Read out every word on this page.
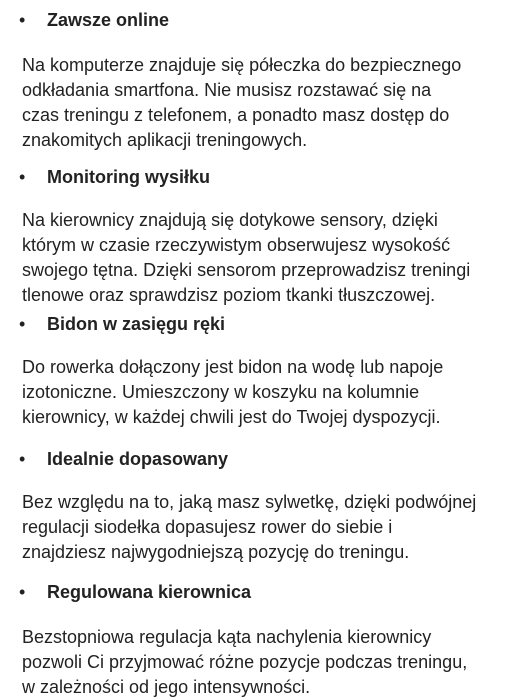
• Zawsze online
Na komputerze znajduje się półeczka do bezpiecznego
odkładania smartfona. Nie musisz rozstawać się na
czas treningu z telefonem, a ponadto masz dostęp do
znakomitych aplikacji treningowych.
• Monitoring wysiłku
Na kierownicy znajdują się dotykowe sensory, dzięki
którym w czasie rzeczywistym obserwujesz wysokość
swojego tętna. Dzięki sensorom przeprowadzisz treningi
tlenowe oraz sprawdzisz poziom tkanki tłuszczowej.
• Bidon w zasięgu ręki
Do rowerka dołączony jest bidon na wodę lub napoje
izotoniczne. Umieszczony w koszyku na kolumnie
kierownicy, w każdej chwili jest do Twojej dyspozycji.
• Idealnie dopasowany
Bez względu na to, jaką masz sylwetkę, dzięki podwójnej
regulacji siodełka dopasujesz rower do siebie i
znajdziesz najwygodniejszą pozycję do treningu.
• Regulowana kierownica
Bezstopniowa regulacja kąta nachylenia kierownicy
pozwoli Ci przyjmować różne pozycje podczas treningu,
w zależności od jego intensywności.
